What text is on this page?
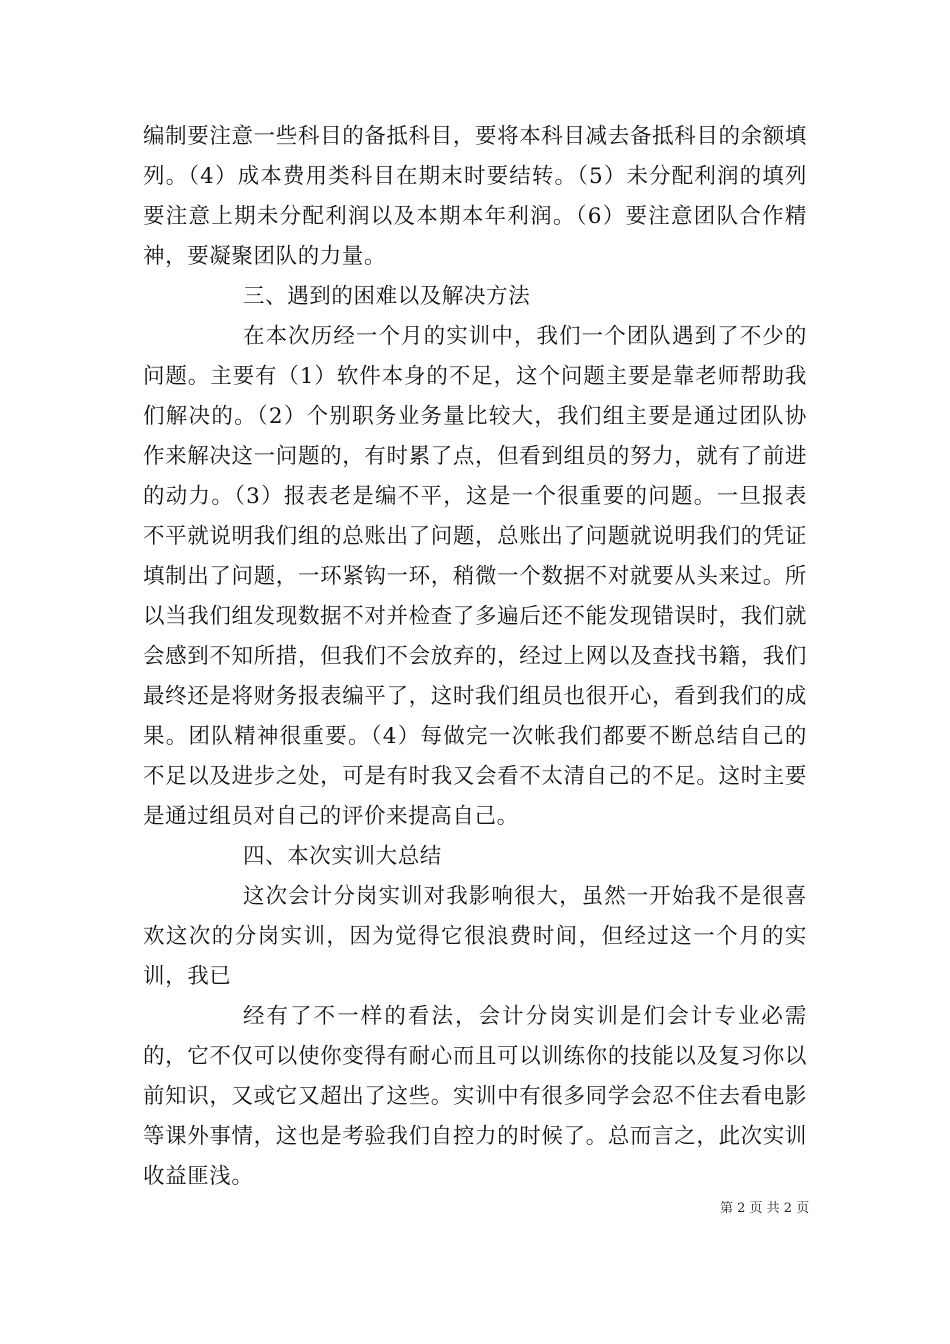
编制要注意一些科目的备抵科目，要将本科目减去备抵科目的余额填列。（4）成本费用类科目在期末时要结转。（5）未分配利润的填列要注意上期未分配利润以及本期本年利润。（6）要注意团队合作精神，要凝聚团队的力量。

三、遇到的困难以及解决方法

在本次历经一个月的实训中，我们一个团队遇到了不少的问题。主要有（1）软件本身的不足，这个问题主要是靠老师帮助我们解决的。（2）个别职务业务量比较大，我们组主要是通过团队协作来解决这一问题的，有时累了点，但看到组员的努力，就有了前进的动力。（3）报表老是编不平，这是一个很重要的问题。一旦报表不平就说明我们组的总账出了问题，总账出了问题就说明我们的凭证填制出了问题，一环紧钩一环，稍微一个数据不对就要从头来过。所以当我们组发现数据不对并检查了多遍后还不能发现错误时，我们就会感到不知所措，但我们不会放弃的，经过上网以及查找书籍，我们最终还是将财务报表编平了，这时我们组员也很开心，看到我们的成果。团队精神很重要。（4）每做完一次帐我们都要不断总结自己的不足以及进步之处，可是有时我又会看不太清自己的不足。这时主要是通过组员对自己的评价来提高自己。

四、本次实训大总结

这次会计分岗实训对我影响很大，虽然一开始我不是很喜欢这次的分岗实训，因为觉得它很浪费时间，但经过这一个月的实训，我已

经有了不一样的看法，会计分岗实训是们会计专业必需的，它不仅可以使你变得有耐心而且可以训练你的技能以及复习你以前知识，又或它又超出了这些。实训中有很多同学会忍不住去看电影等课外事情，这也是考验我们自控力的时候了。总而言之，此次实训收益匪浅。

第 2 页 共 2 页
